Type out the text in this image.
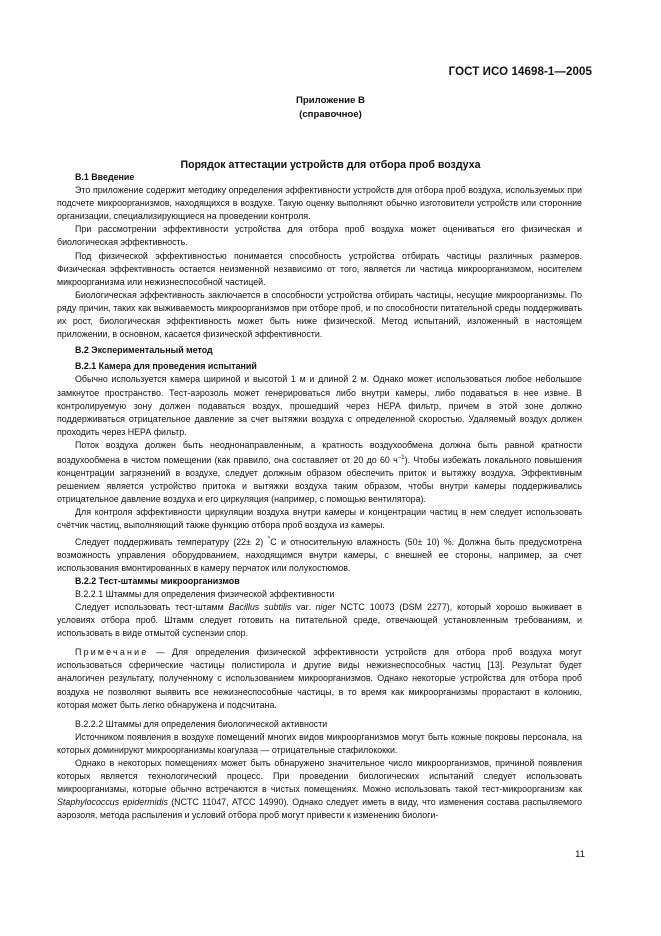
ГОСТ ИСО 14698-1—2005
Приложение В
(справочное)
Порядок аттестации устройств для отбора проб воздуха
В.1 Введение

Это приложение содержит методику определения эффективности устройств для отбора проб воздуха, используемых при подсчете микроорганизмов, находящихся в воздухе. Такую оценку выполняют обычно изготовители устройств или сторонние организации, специализирующиеся на проведении контроля.

При рассмотрении эффективности устройства для отбора проб воздуха может оцениваться его физическая и биологическая эффективность.

Под физической эффективностью понимается способность устройства отбирать частицы различных размеров. Физическая эффективность остается неизменной независимо от того, является ли частица микроорганизмом, носителем микроорганизма или нежизнеспособной частицей.

Биологическая эффективность заключается в способности устройства отбирать частицы, несущие микроорганизмы. По ряду причин, таких как выживаемость микроорганизмов при отборе проб, и по способности питательной среды поддерживать их рост, биологическая эффективность может быть ниже физической. Метод испытаний, изложенный в настоящем приложении, в основном, касается физической эффективности.

В.2 Экспериментальный метод
В.2.1 Камера для проведения испытаний

Обычно используется камера шириной и высотой 1 м и длиной 2 м. Однако может использоваться любое небольшое замкнутое пространство. Тест-аэрозоль может генерироваться либо внутри камеры, либо подаваться в нее извне. В контролируемую зону должен подаваться воздух, прошедший через НЕРА фильтр, причем в этой зоне должно поддерживаться отрицательное давление за счет вытяжки воздуха с определенной скоростью. Удаляемый воздух должен проходить через НЕРА фильтр.

Поток воздуха должен быть неоднонаправленным, а кратность воздухообмена должна быть равной кратности воздухообмена в чистом помещении (как правило, она составляет от 20 до 60 $ч^{-1}$). Чтобы избежать локального повышения концентрации загрязнений в воздухе, следует должным образом обеспечить приток и вытяжку воздуха. Эффективным решением является устройство притока и вытяжки воздуха таким образом, чтобы внутри камеры поддерживались отрицательное давление воздуха и его циркуляция (например, с помощью вентилятора).

Для контроля эффективности циркуляции воздуха внутри камеры и концентрации частиц в нем следует использовать счётчик частиц, выполняющий также функцию отбора проб воздуха из камеры.

Следует поддерживать температуру (22± 2) °С и относительную влажность (50± 10) %. Должна быть предусмотрена возможность управления оборудованием, находящимся внутри камеры, с внешней ее стороны, например, за счет использования вмонтированных в камеру перчаток или полукостюмов.

В.2.2 Тест-штаммы микроорганизмов
В.2.2.1 Штаммы для определения физической эффективности

Следует использовать тест-штамм Bacillus subtilis var. niger NCTC 10073 (DSM 2277), который хорошо выживает в условиях отбора проб. Штамм следует готовить на питательной среде, отвечающей установленным требованиям, и использовать в виде отмытой суспензии спор.

Примечание — Для определения физической эффективности устройств для отбора проб воздуха могут использоваться сферические частицы полистирола и другие виды нежизнеспособных частиц [13]. Результат будет аналогичен результату, полученному с использованием микроорганизмов. Однако некоторые устройства для отбора проб воздуха не позволяют выявить все нежизнеспособные частицы, в то время как микроорганизмы прорастают в колонию, которая может быть легко обнаружена и подсчитана.

В.2.2.2 Штаммы для определения биологической активности

Источником появления в воздухе помещений многих видов микроорганизмов могут быть кожные покровы персонала, на которых доминируют микроорганизмы коагулаза — отрицательные стафилококки.

Однако в некоторых помещениях может быть обнаружено значительное число микроорганизмов, причиной появления которых является технологический процесс. При проведении биологических испытаний следует использовать микроорганизмы, которые обычно встречаются в чистых помещениях. Можно использовать такой тест-микроорганизм как Staphylococcus epidermidis (NCTC 11047, АТСС 14990). Однако следует иметь в виду, что изменения состава распыляемого аэрозоля, метода распыления и условий отбора проб могут привести к изменению биологи-

11
